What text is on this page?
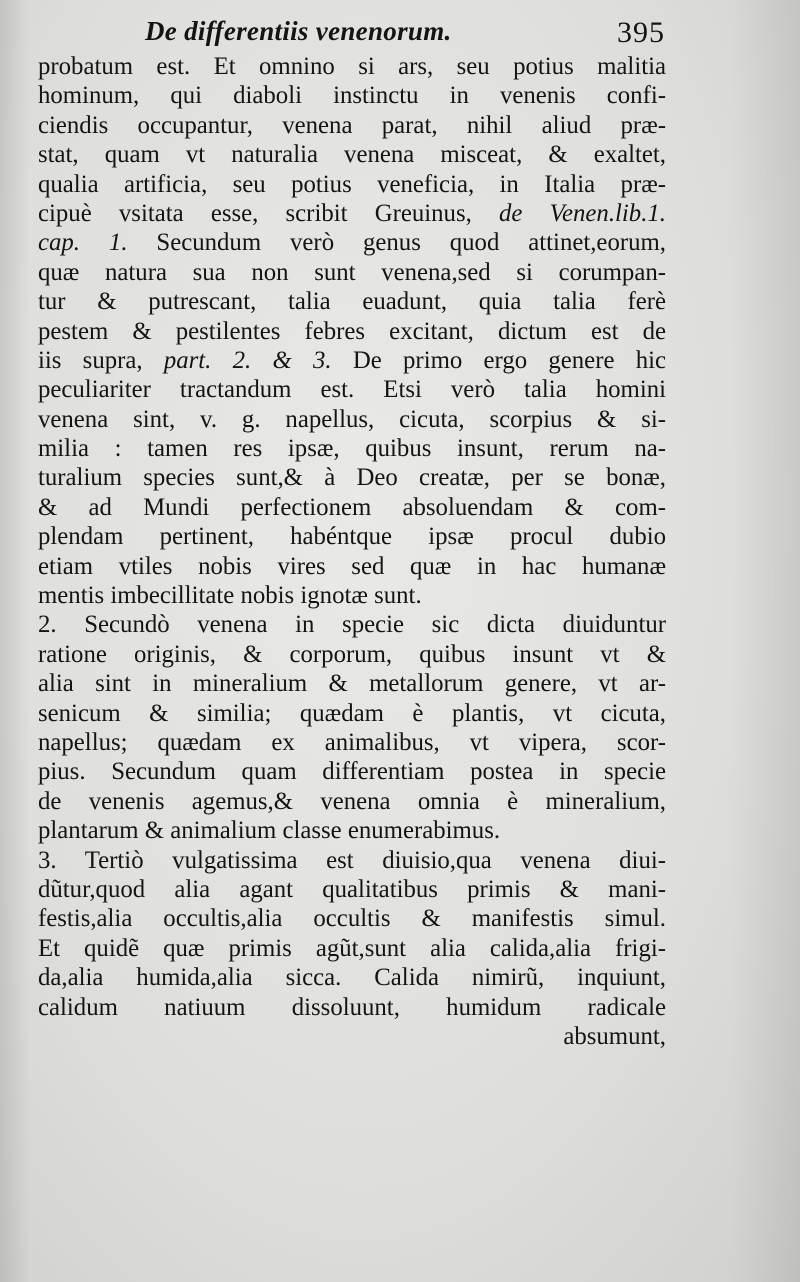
De differentiis venenorum.	395
probatum est. Et omnino si ars, seu potius malitia
hominum, qui diaboli instinctu in venenis confi-
ciendis occupantur, venena parat, nihil aliud præ-
stat, quam vt naturalia venena misceat, & exaltet,
qualia artificia, seu potius veneficia, in Italia præ-
cipuè vsitata esse, scribit Greuinus, de Venen.lib.1.
cap. 1. Secundum verò genus quod attinet,eorum,
quæ natura sua non sunt venena,sed si corumpan-
tur & putrescant, talia euadunt, quia talia ferè
pestem & pestilentes febres excitant, dictum est de
iis supra, part. 2. & 3. De primo ergo genere hic
peculiariter tractandum est. Etsi verò talia homini
venena sint, v. g. napellus, cicuta, scorpius & si-
milia : tamen res ipsæ, quibus insunt, rerum na-
turalium species sunt,& à Deo creatæ, per se bonæ,
& ad Mundi perfectionem absoluendam & com-
plendam pertinent, habéntque ipsæ procul dubio
etiam vtiles nobis vires sed quæ in hac humanæ
mentis imbecillitate nobis ignotæ sunt.
2. Secundò venena in specie sic dicta diuiduntur
ratione originis, & corporum, quibus insunt vt &
alia sint in mineralium & metallorum genere, vt ar-
senicum & similia; quædam è plantis, vt cicuta,
napellus; quædam ex animalibus, vt vipera, scor-
pius. Secundum quam differentiam postea in specie
de venenis agemus,& venena omnia è mineralium,
plantarum & animalium classe enumerabimus.
3. Tertiò vulgatissima est diuisio,qua venena diui-
dũtur,quod alia agant qualitatibus primis & mani-
festis,alia occultis,alia occultis & manifestis simul.
Et quidẽ quæ primis agũt,sunt alia calida,alia frigi-
da,alia humida,alia sicca. Calida nimirũ, inquiunt,
calidum natiuum dissoluunt, humidum radicale
absumunt,
